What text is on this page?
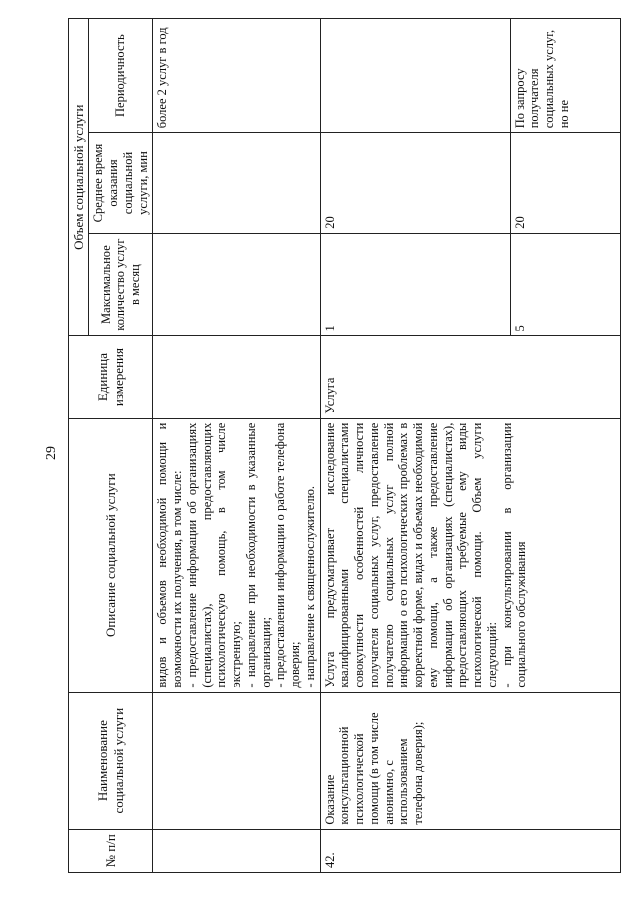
29
№ п/п	Наименование социальной услуги	Описание социальной услуги	Единица измерения	Объем социальной услуги		
				Максимальное количество услуг в месяц	Среднее время оказания социальной услуги, мин	Периодичность

		видов и объемов необходимой помощи и возможности их получения, в том числе: - предоставление информации об организациях (специалистах), предоставляющих психологическую помощь, в том числе экстренную; - направление при необходимости в указанные организации; - предоставлении информации о работе телефона доверия; - направление к священнослужителю.				более 2 услуг в год
42.	Оказание консультационной психологической помощи (в том числе анонимно, с использованием телефона доверия);	Услуга предусматривает исследование квалифицированными специалистами совокупности особенностей личности получателя социальных услуг, предоставление получателю социальных услуг полной информации о его психологических проблемах в корректной форме, видах и объемах необходимой ему помощи, а также предоставление информации об организациях (специалистах), предоставляющих требуемые ему виды психологической помощи. Объем услуги следующий: - при консультировании в организации социального обслуживания	Услуга	1	20	
				5	20	По запросу получателя социальных услуг, но не
